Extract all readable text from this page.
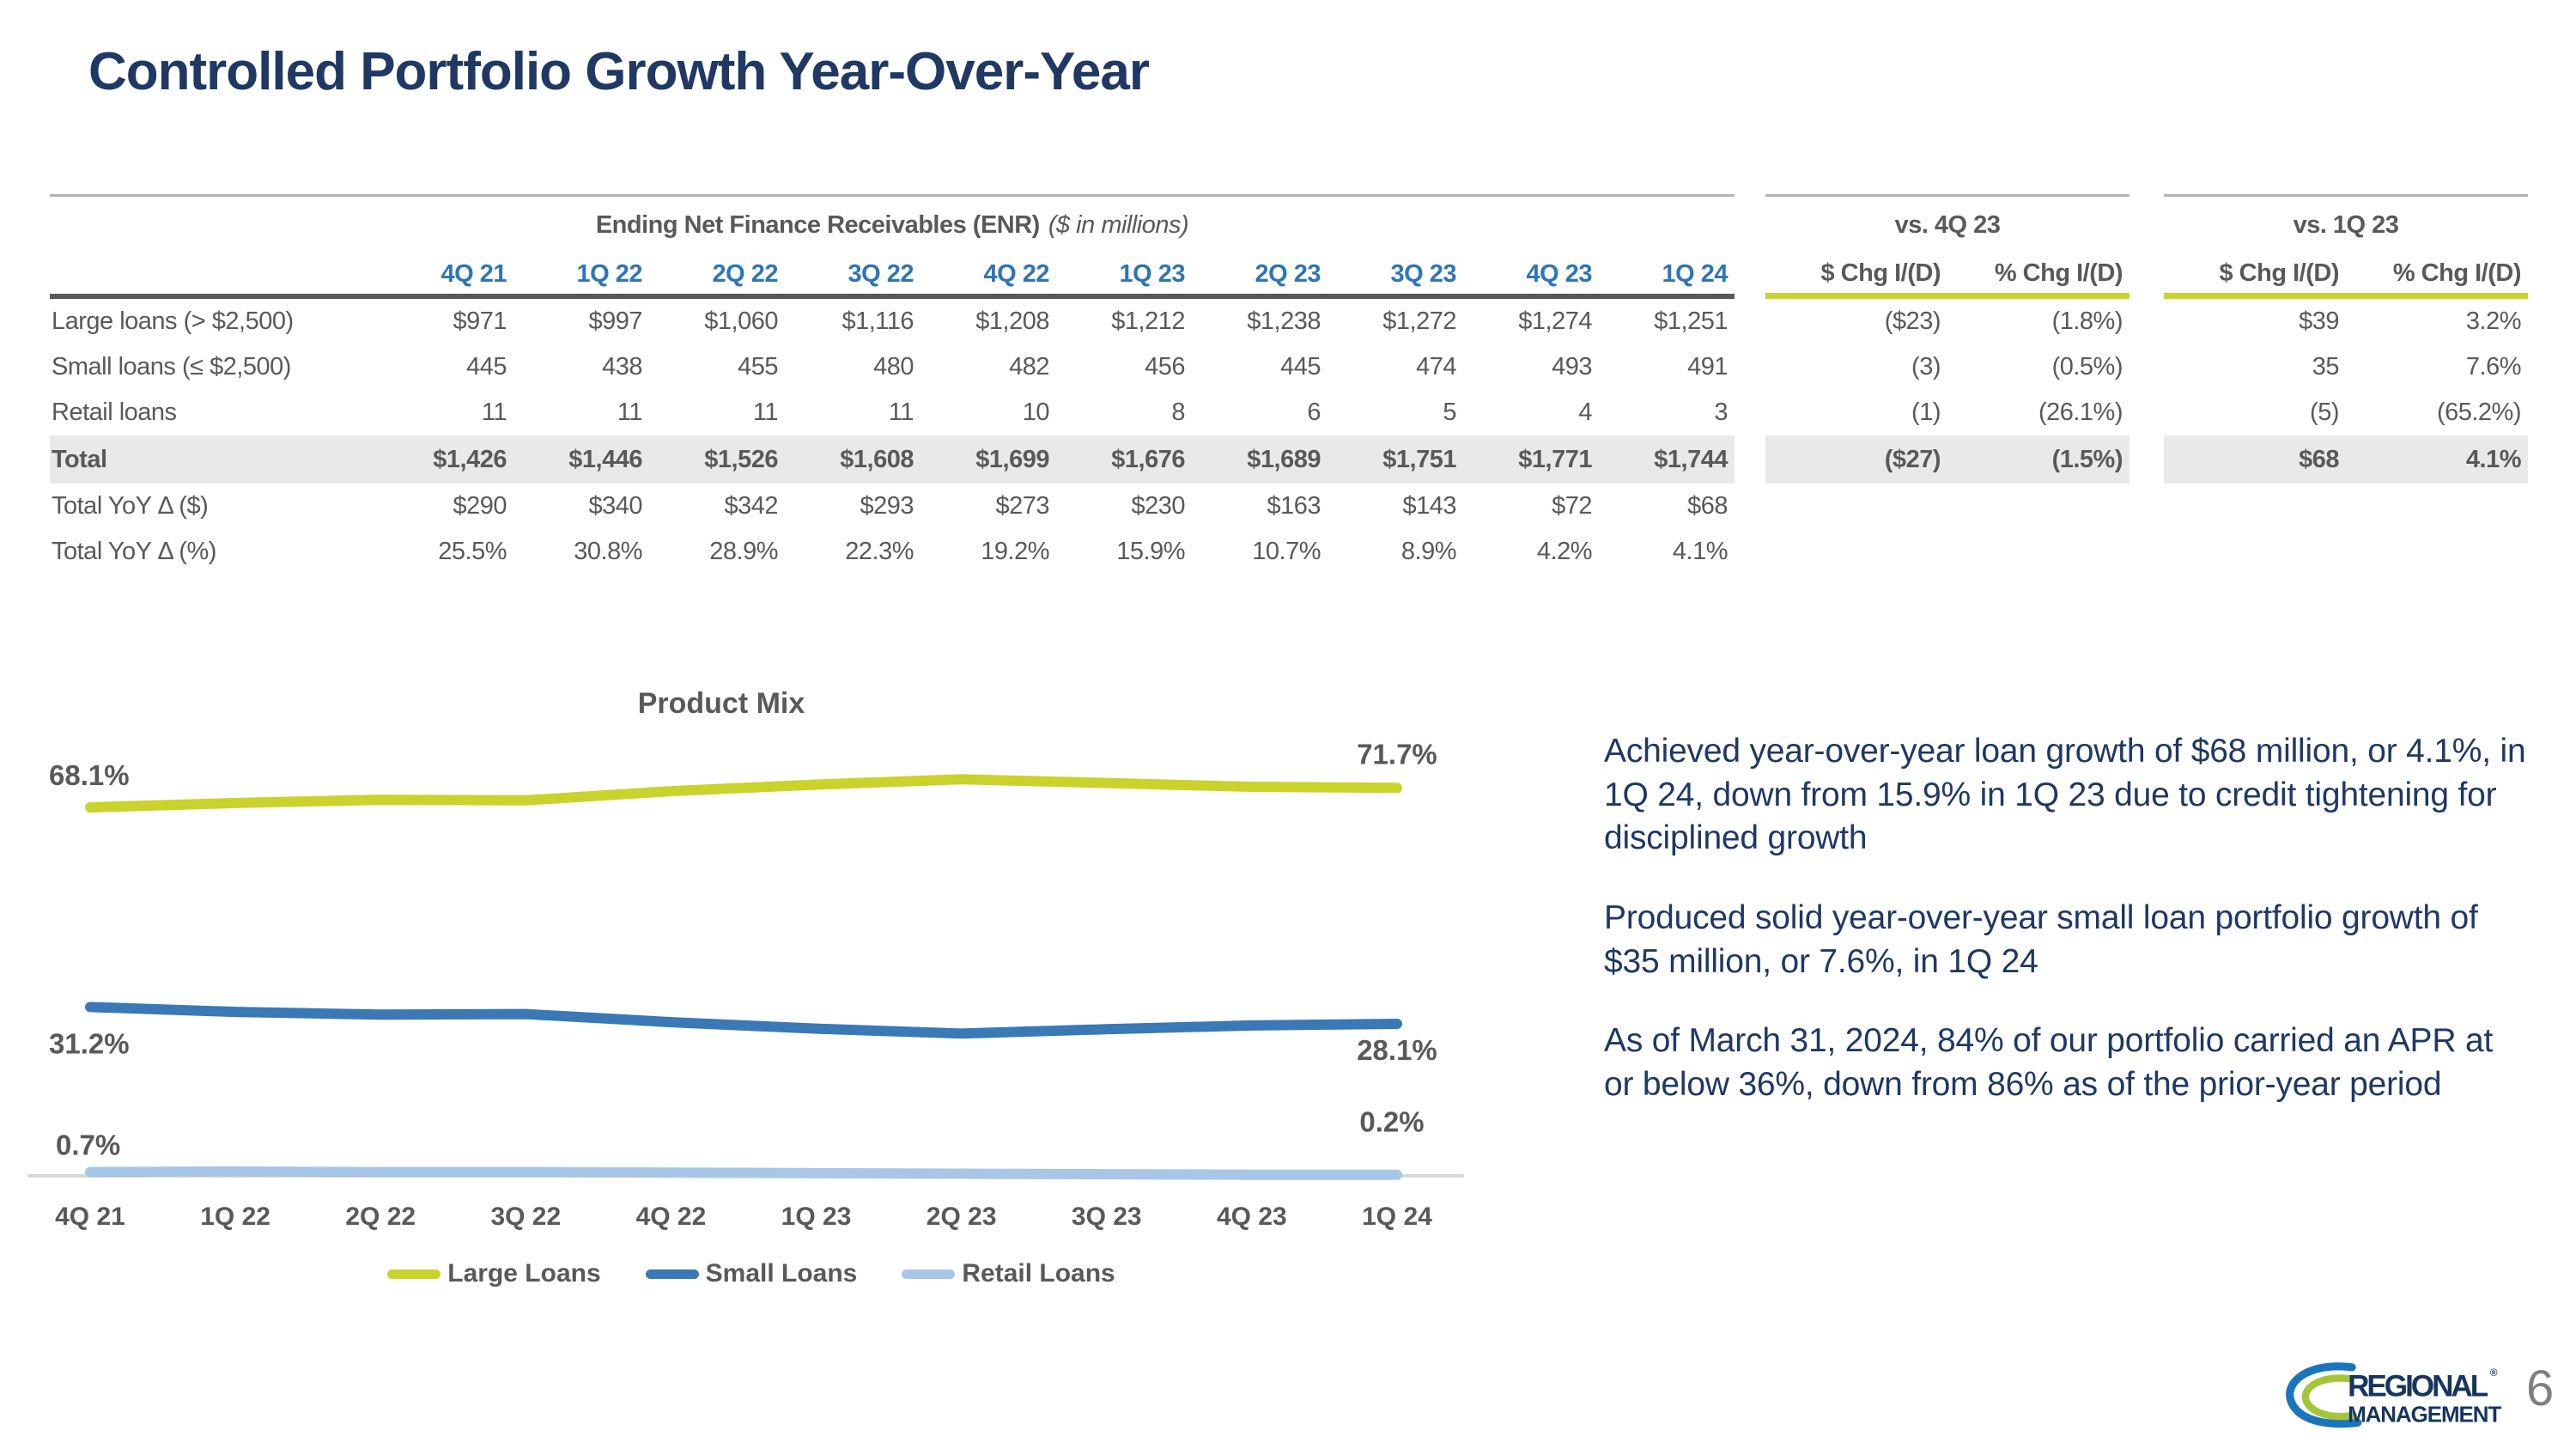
Controlled Portfolio Growth Year-Over-Year
Ending Net Finance Receivables (ENR) ($ in millions)	vs. 4Q 23	vs. 1Q 23
4Q 21	1Q 22	2Q 22	3Q 22	4Q 22	1Q 23	2Q 23	3Q 23	4Q 23	1Q 24	$ Chg I/(D)	% Chg I/(D)	$ Chg I/(D)	% Chg I/(D)
Large loans (> $2,500)	$971	$997	$1,060	$1,116	$1,208	$1,212	$1,238	$1,272	$1,274	$1,251	($23)	(1.8%)	$39	3.2%
Small loans (≤ $2,500)	445	438	455	480	482	456	445	474	493	491	(3)	(0.5%)	35	7.6%
Retail loans	11	11	11	11	10	8	6	5	4	3	(1)	(26.1%)	(5)	(65.2%)
Total	$1,426	$1,446	$1,526	$1,608	$1,699	$1,676	$1,689	$1,751	$1,771	$1,744	($27)	(1.5%)	$68	4.1%
Total YoY Δ ($)	$290	$340	$342	$293	$273	$230	$163	$143	$72	$68
Total YoY Δ (%)	25.5%	30.8%	28.9%	22.3%	19.2%	15.9%	10.7%	8.9%	4.2%	4.1%
Product Mix
68.1%
71.7%
31.2%	28.1%
0.7%
0.2%
4Q 21	1Q 22	2Q 22	3Q 22	4Q 22	1Q 23	2Q 23	3Q 23	4Q 23	1Q 24
Large Loans	Small Loans	Retail Loans

Achieved year-over-year loan growth of $68 million, or 4.1%, in 1Q 24, down from 15.9% in 1Q 23 due to credit tightening for disciplined growth

Produced solid year-over-year small loan portfolio growth of $35 million, or 7.6%, in 1Q 24

As of March 31, 2024, 84% of our portfolio carried an APR at or below 36%, down from 86% as of the prior-year period

REGIONAL ®
MANAGEMENT 6
